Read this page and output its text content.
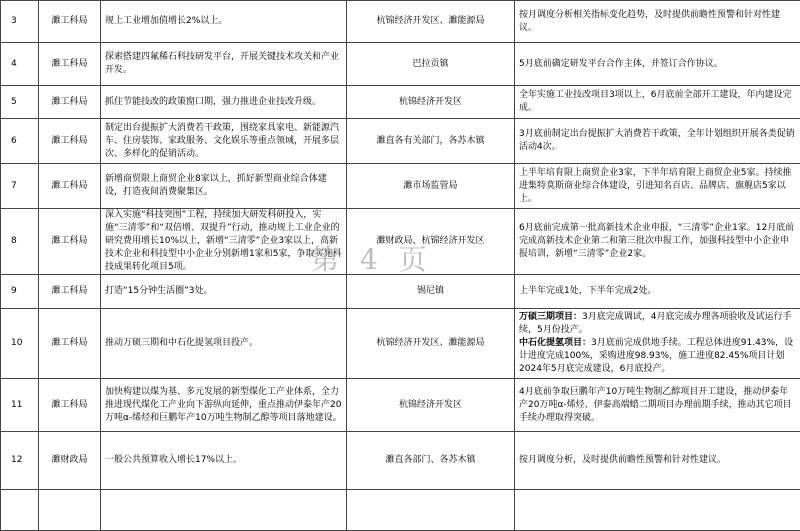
3	濉工科局	规上工业增加值增长2%以上。	杭锦经济开发区、濉能源局	按月调度分析相关指标变化趋势，及时提供前瞻性预警和针对性建议。
4	濉工科局	探索搭建四氟稀石科技研发平台，开展关键技术攻关和产业开发。	巴拉贡镇	5月底前确定研发平台合作主体，并签订合作协议。
5	濉工科局	抓住节能技改的政策窗口期，强力推进企业技改升级。	杭锦经济开发区	全年实施工业技改项目3项以上，6月底前全部开工建设，年内建设完成。
6	濉工科局	制定出台提振扩大消费若干政策，围绕家具家电、新能源汽车、住房装饰、家政服务、文化娱乐等重点领域，开展多层次、多样化的促销活动。	濉直各有关部门，各苏木镇	3月底前制定出台提振扩大消费若干政策，全年计划组织开展各类促销活动4次。
7	濉工科局	新增商贸限上商贸企业8家以上，抓好新型商业综合体建设，打造夜间消费聚集区。	濉市场监管局	上半年培育限上商贸企业3家，下半年培育限上商贸企业5家。持续推进集特莫斯商业综合体建设，引进知名百店、品牌店、旗舰店5家以上。
8	濉工科局	深入实施“科技突围”工程，持续加大研发科研投入，实施“三清零”和“双倍增、双提升”行动，推动规上工业企业的研究费用增长10%以上，新增“三清零”企业3家以上，高新技术企业和科技型中小企业分别新增1家和5家，争取实施科技成果转化项目5项。	濉财政局、杭锦经济开发区	6月底前完成第一批高新技术企业申报，“三清零”企业1家。12月底前完成高新技术企业第二和第三批次申报工作，加强科技型中小企业申报培训，新增“三清零”企业2家。
9	濉工科局	打造“15分钟生活圈”3处。	锡尼镇	上半年完成1处，下半年完成2处。
10	濉工科局	推动万硕三期和中石化提氢项目投产。	杭锦经济开发区、濉能源局	万硕三期项目：3月底完成调试，4月底完成办理各项验收及试运行手续，5月份投产。
中石化提氢项目：3月底前完成供地手续。工程总体进度91.43%，设计进度完成100%，采购进度98.93%，施工进度82.45%项目计划2024年5月底完成建设，6月底投产。
11	濉工科局	加快构建以煤为基、多元发展的新型煤化工产业体系，全力推进现代煤化工产业向下游纵向延伸，重点推动伊泰年产20万吨α-烯烃和巨鹏年产10万吨生物制乙醇等项目落地建设。	杭锦经济开发区	4月底前争取巨鹏年产10万吨生物制乙醇项目开工建设，推动伊泰年产20万吨α-烯烃、伊泰高端蜡二期项目办理前期手续，推动其它项目手续办理取得突破。
12	濉财政局	一般公共预算收入增长17%以上。	濉直各部门、各苏木镇	按月调度分析，及时提供前瞻性预警和针对性建议。

第 4 页
